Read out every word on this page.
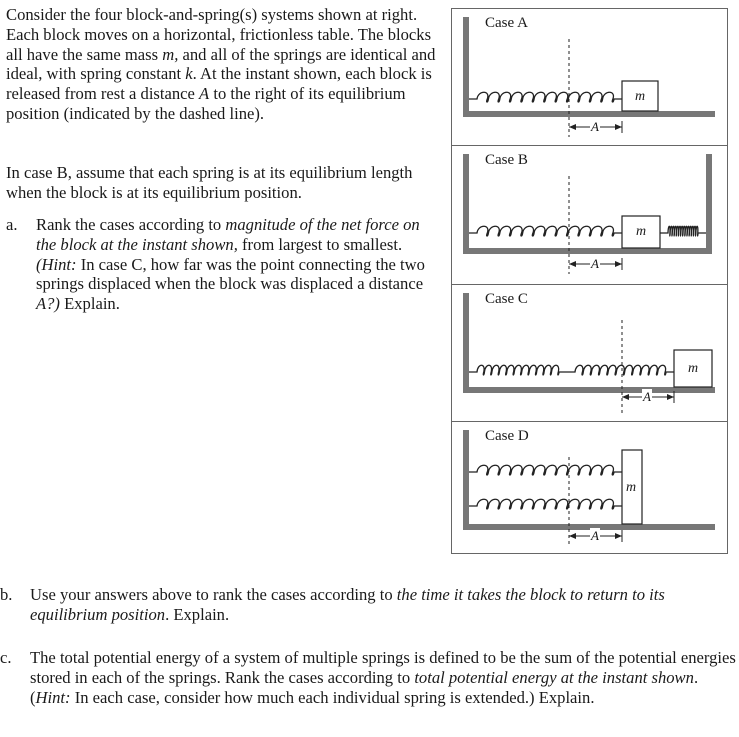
Consider the four block-and-spring(s) systems shown at right. Each block moves on a horizontal, frictionless table. The blocks all have the same mass m, and all of the springs are identical and ideal, with spring constant k. At the instant shown, each block is released from rest a distance A to the right of its equilibrium position (indicated by the dashed line).

In case B, assume that each spring is at its equilibrium length when the block is at its equilibrium position.

a.	Rank the cases according to magnitude of the net force on the block at the instant shown, from largest to smallest. (Hint: In case C, how far was the point connecting the two springs displaced when the block was displaced a distance A?) Explain.
b.	Use your answers above to rank the cases according to the time it takes the block to return to its equilibrium position. Explain.
c.	The total potential energy of a system of multiple springs is defined to be the sum of the potential energies stored in each of the springs. Rank the cases according to total potential energy at the instant shown. (Hint: In each case, consider how much each individual spring is extended.) Explain.
Case A
m
A
Case B
m
A
Case C
m
A
Case D
m
A
